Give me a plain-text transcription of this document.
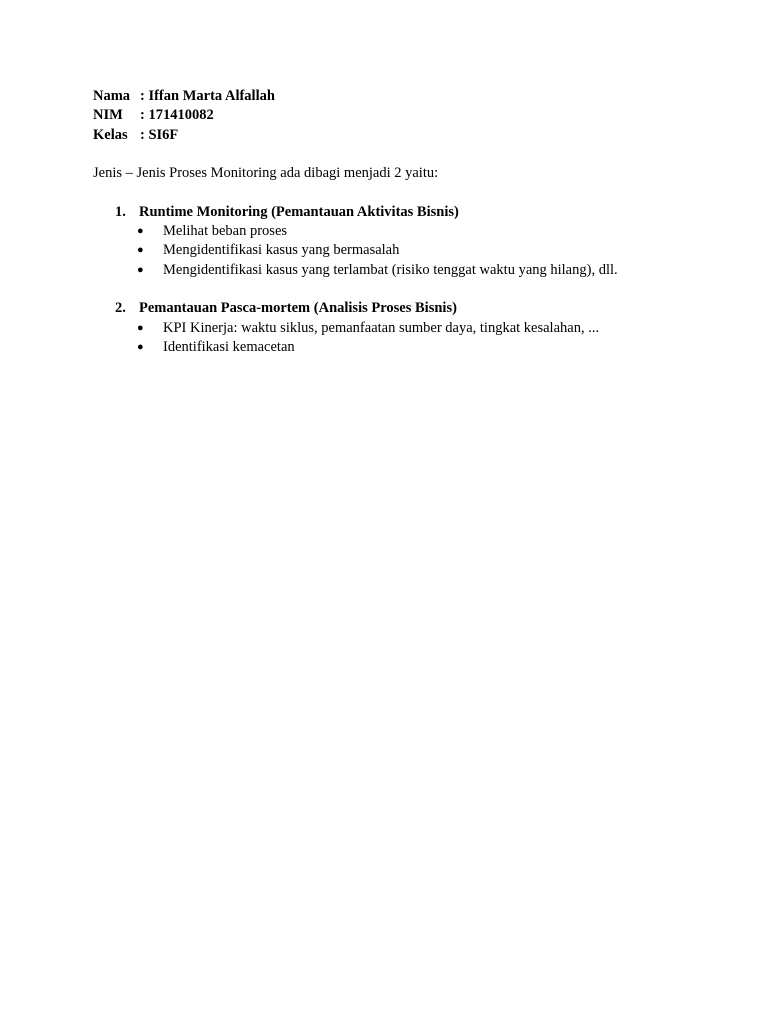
Nama : Iffan Marta Alfallah
NIM	: 171410082
Kelas : SI6F
Jenis – Jenis Proses Monitoring ada dibagi menjadi 2 yaitu:
1. Runtime Monitoring (Pemantauan Aktivitas Bisnis)
●	Melihat beban proses
●	Mengidentifikasi kasus yang bermasalah
●	Mengidentifikasi kasus yang terlambat (risiko tenggat waktu yang hilang), dll.
2. Pemantauan Pasca-mortem (Analisis Proses Bisnis)
●	KPI Kinerja: waktu siklus, pemanfaatan sumber daya, tingkat kesalahan, ...
●	Identifikasi kemacetan
